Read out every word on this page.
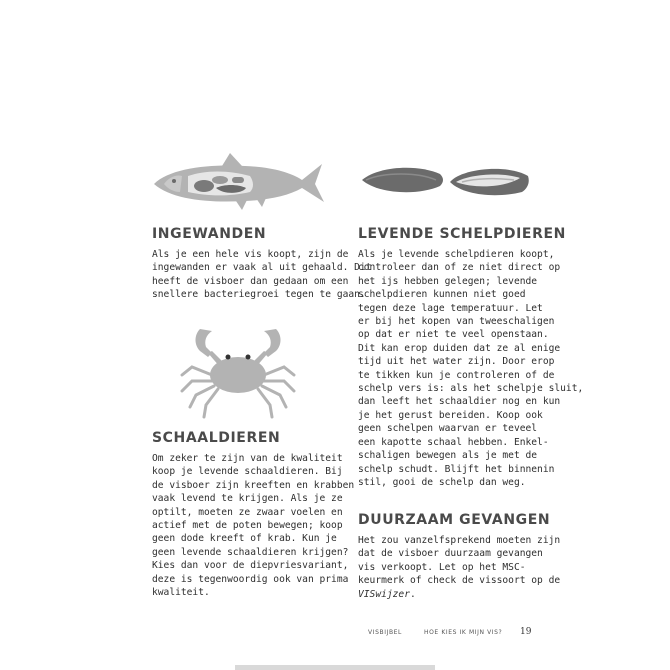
INGEWANDEN
Als je een hele vis koopt, zijn de
ingewanden er vaak al uit gehaald. Dit
heeft de visboer dan gedaan om een
snellere bacteriegroei tegen te gaan.
SCHAALDIEREN
Om zeker te zijn van de kwaliteit
koop je levende schaaldieren. Bij
de visboer zijn kreeften en krabben
vaak levend te krijgen. Als je ze
optilt, moeten ze zwaar voelen en
actief met de poten bewegen; koop
geen dode kreeft of krab. Kun je
geen levende schaaldieren krijgen?
Kies dan voor de diepvriesvariant,
deze is tegenwoordig ook van prima
kwaliteit.
LEVENDE SCHELPDIEREN
Als je levende schelpdieren koopt,
controleer dan of ze niet direct op
het ijs hebben gelegen; levende
schelpdieren kunnen niet goed
tegen deze lage temperatuur. Let
er bij het kopen van tweeschaligen
op dat er niet te veel openstaan.
Dit kan erop duiden dat ze al enige
tijd uit het water zijn. Door erop
te tikken kun je controleren of de
schelp vers is: als het schelpje sluit,
dan leeft het schaaldier nog en kun
je het gerust bereiden. Koop ook
geen schelpen waarvan er teveel
een kapotte schaal hebben. Enkel-
schaligen bewegen als je met de
schelp schudt. Blijft het binnenin
stil, gooi de schelp dan weg.
DUURZAAM GEVANGEN
Het zou vanzelfsprekend moeten zijn
dat de visboer duurzaam gevangen
vis verkoopt. Let op het MSC-
keurmerk of check de vissoort op de
VISwijzer.
VISBIJBEL	HOE KIES IK MIJN VIS? 19
